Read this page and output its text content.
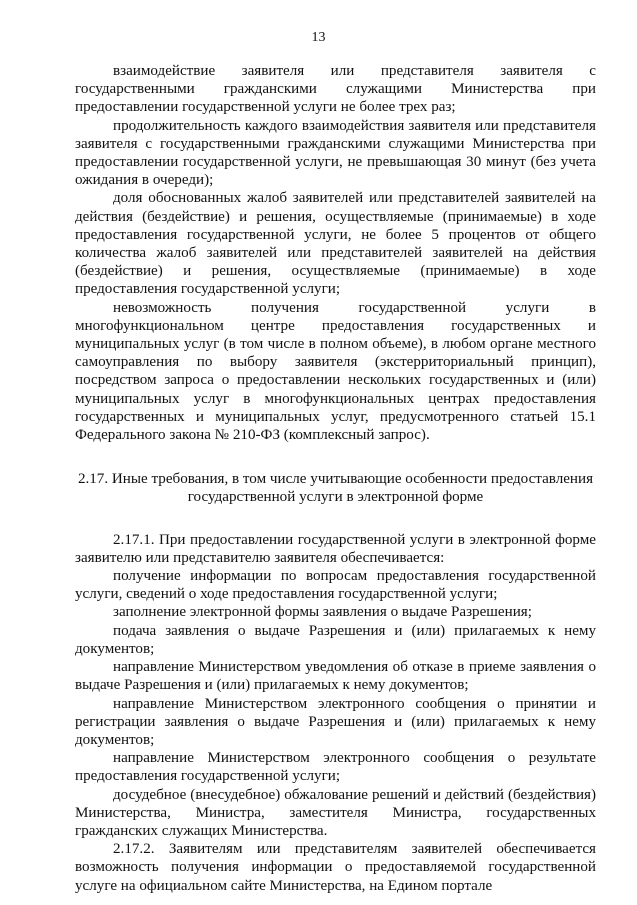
13

взаимодействие заявителя или представителя заявителя с государственными гражданскими служащими Министерства при предоставлении государственной услуги не более трех раз;

продолжительность каждого взаимодействия заявителя или представителя заявителя с государственными гражданскими служащими Министерства при предоставлении государственной услуги, не превышающая 30 минут (без учета ожидания в очереди);

доля обоснованных жалоб заявителей или представителей заявителей на действия (бездействие) и решения, осуществляемые (принимаемые) в ходе предоставления государственной услуги, не более 5 процентов от общего количества жалоб заявителей или представителей заявителей на действия (бездействие) и решения, осуществляемые (принимаемые) в ходе предоставления государственной услуги;

невозможность получения государственной услуги в многофункциональном центре предоставления государственных и муниципальных услуг (в том числе в полном объеме), в любом органе местного самоуправления по выбору заявителя (экстерриториальный принцип), посредством запроса о предоставлении нескольких государственных и (или) муниципальных услуг в многофункциональных центрах предоставления государственных и муниципальных услуг, предусмотренного статьей 15.1 Федерального закона № 210-ФЗ (комплексный запрос).

2.17. Иные требования, в том числе учитывающие особенности предоставления
государственной услуги в электронной форме

2.17.1. При предоставлении государственной услуги в электронной форме заявителю или представителю заявителя обеспечивается:

получение информации по вопросам предоставления государственной услуги, сведений о ходе предоставления государственной услуги;

заполнение электронной формы заявления о выдаче Разрешения;

подача заявления о выдаче Разрешения и (или) прилагаемых к нему документов;

направление Министерством уведомления об отказе в приеме заявления о выдаче Разрешения и (или) прилагаемых к нему документов;

направление Министерством электронного сообщения о принятии и регистрации заявления о выдаче Разрешения и (или) прилагаемых к нему документов;

направление Министерством электронного сообщения о результате предоставления государственной услуги;

досудебное (внесудебное) обжалование решений и действий (бездействия) Министерства, Министра, заместителя Министра, государственных гражданских служащих Министерства.

2.17.2. Заявителям или представителям заявителей обеспечивается возможность получения информации о предоставляемой государственной услуге на официальном сайте Министерства, на Едином портале
